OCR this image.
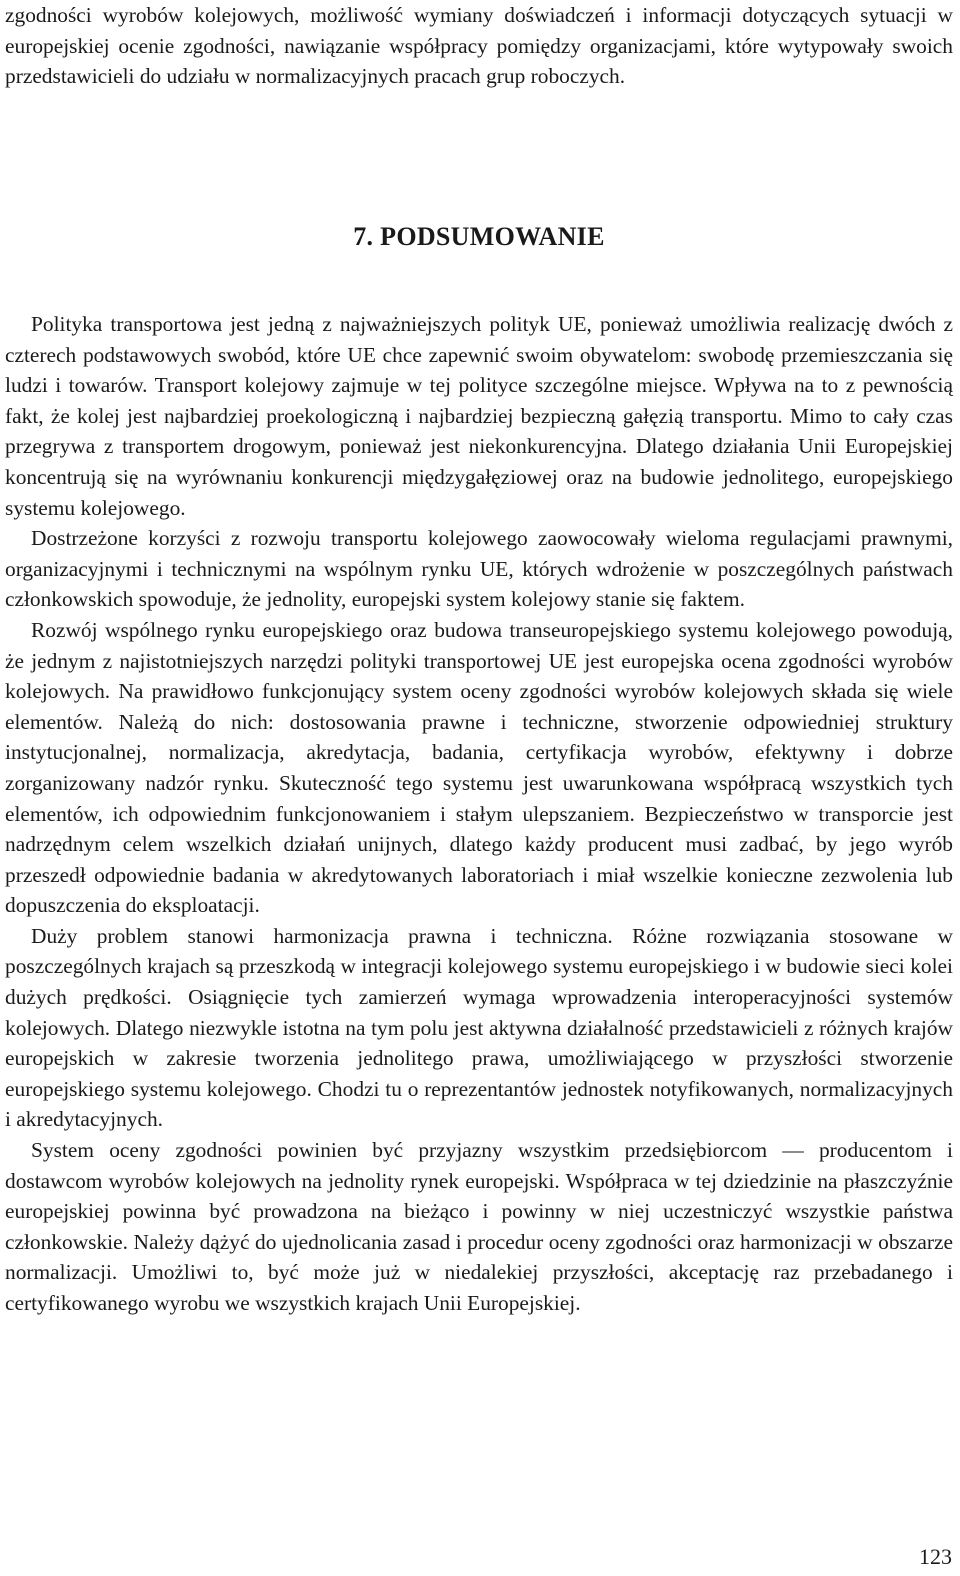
zgodności wyrobów kolejowych, możliwość wymiany doświadczeń i informacji dotyczących sytuacji w europejskiej ocenie zgodności, nawiązanie współpracy pomiędzy organizacjami, które wytypowały swoich przedstawicieli do udziału w normalizacyjnych pracach grup roboczych.

7. PODSUMOWANIE

Polityka transportowa jest jedną z najważniejszych polityk UE, ponieważ umożliwia realizację dwóch z czterech podstawowych swobód, które UE chce zapewnić swoim obywatelom: swobodę przemieszczania się ludzi i towarów. Transport kolejowy zajmuje w tej polityce szczególne miejsce. Wpływa na to z pewnością fakt, że kolej jest najbardziej proekologiczną i najbardziej bezpieczną gałęzią transportu. Mimo to cały czas przegrywa z transportem drogowym, ponieważ jest niekonkurencyjna. Dlatego działania Unii Europejskiej koncentrują się na wyrównaniu konkurencji międzygałęziowej oraz na budowie jednolitego, europejskiego systemu kolejowego.

Dostrzeżone korzyści z rozwoju transportu kolejowego zaowocowały wieloma regulacjami prawnymi, organizacyjnymi i technicznymi na wspólnym rynku UE, których wdrożenie w poszczególnych państwach członkowskich spowoduje, że jednolity, europejski system kolejowy stanie się faktem.

Rozwój wspólnego rynku europejskiego oraz budowa transeuropejskiego systemu kolejowego powodują, że jednym z najistotniejszych narzędzi polityki transportowej UE jest europejska ocena zgodności wyrobów kolejowych. Na prawidłowo funkcjonujący system oceny zgodności wyrobów kolejowych składa się wiele elementów. Należą do nich: dostosowania prawne i techniczne, stworzenie odpowiedniej struktury instytucjonalnej, normalizacja, akredytacja, badania, certyfikacja wyrobów, efektywny i dobrze zorganizowany nadzór rynku. Skuteczność tego systemu jest uwarunkowana współpracą wszystkich tych elementów, ich odpowiednim funkcjonowaniem i stałym ulepszaniem. Bezpieczeństwo w transporcie jest nadrzędnym celem wszelkich działań unijnych, dlatego każdy producent musi zadbać, by jego wyrób przeszedł odpowiednie badania w akredytowanych laboratoriach i miał wszelkie konieczne zezwolenia lub dopuszczenia do eksploatacji.

Duży problem stanowi harmonizacja prawna i techniczna. Różne rozwiązania stosowane w poszczególnych krajach są przeszkodą w integracji kolejowego systemu europejskiego i w budowie sieci kolei dużych prędkości. Osiągnięcie tych zamierzeń wymaga wprowadzenia interoperacyjności systemów kolejowych. Dlatego niezwykle istotna na tym polu jest aktywna działalność przedstawicieli z różnych krajów europejskich w zakresie tworzenia jednolitego prawa, umożliwiającego w przyszłości stworzenie europejskiego systemu kolejowego. Chodzi tu o reprezentantów jednostek notyfikowanych, normalizacyjnych i akredytacyjnych.

System oceny zgodności powinien być przyjazny wszystkim przedsiębiorcom — producentom i dostawcom wyrobów kolejowych na jednolity rynek europejski. Współpraca w tej dziedzinie na płaszczyźnie europejskiej powinna być prowadzona na bieżąco i powinny w niej uczestniczyć wszystkie państwa członkowskie. Należy dążyć do ujednolicania zasad i procedur oceny zgodności oraz harmonizacji w obszarze normalizacji. Umożliwi to, być może już w niedalekiej przyszłości, akceptację raz przebadanego i certyfikowanego wyrobu we wszystkich krajach Unii Europejskiej.

123
